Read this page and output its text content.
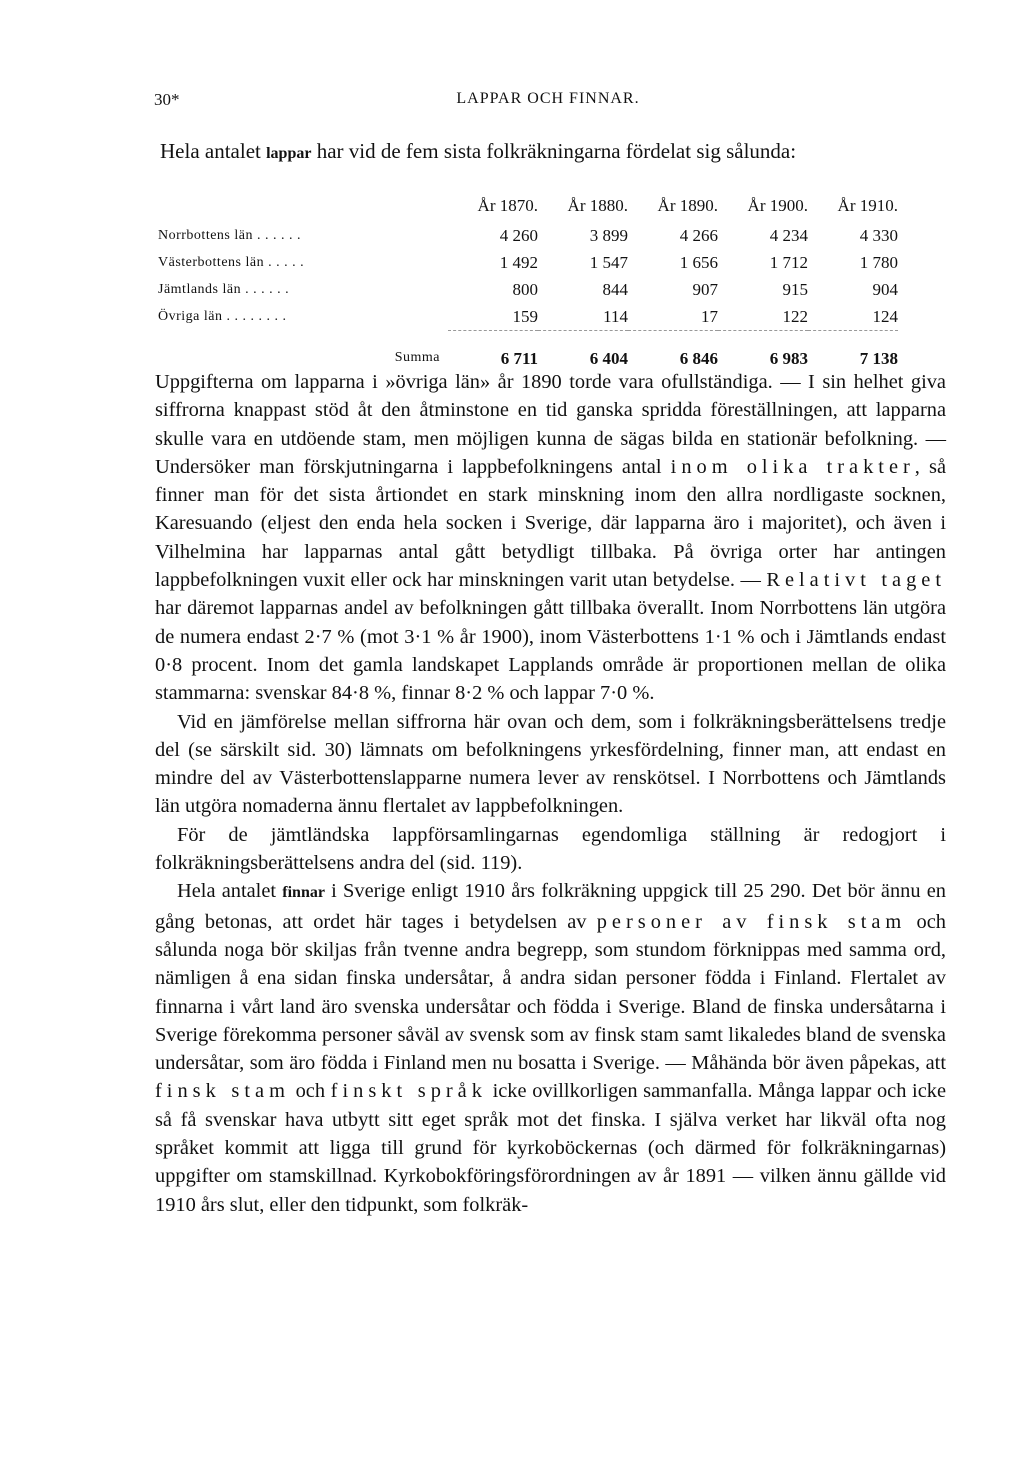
30*	LAPPAR OCH FINNAR.

Hela antalet lappar har vid de fem sista folkräkningarna fördelat sig sålunda:

	År 1870.	År 1880.	År 1890.	År 1900.	År 1910.
Norrbottens län . . . . . .	4 260	3 899	4 266	4 234	4 330
Västerbottens län . . . . .	1 492	1 547	1 656	1 712	1 780
Jämtlands län . . . . . .	800	844	907	915	904
Övriga län . . . . . . . .	159	114	17	122	124
Summa	6 711	6 404	6 846	6 983	7 138

Uppgifterna om lapparna i »övriga län» år 1890 torde vara ofullständiga. — I sin helhet giva siffrorna knappast stöd åt den åtminstone en tid ganska spridda föreställningen, att lapparna skulle vara en utdöende stam, men möjligen kunna de sägas bilda en stationär befolkning. — Undersöker man förskjutningarna i lappbefolkningens antal inom olika trakter, så finner man för det sista årtiondet en stark minskning inom den allra nordligaste socknen, Karesuando (eljest den enda hela socken i Sverige, där lapparna äro i majoritet), och även i Vilhelmina har lapparnas antal gått betydligt tillbaka. På övriga orter har antingen lappbefolkningen vuxit eller ock har minskningen varit utan betydelse. — Relativt taget har däremot lapparnas andel av befolkningen gått tillbaka överallt. Inom Norrbottens län utgöra de numera endast 2·7 % (mot 3·1 % år 1900), inom Västerbottens 1·1 % och i Jämtlands endast 0·8 procent. Inom det gamla landskapet Lapplands område är proportionen mellan de olika stammarna: svenskar 84·8 %, finnar 8·2 % och lappar 7·0 %.

Vid en jämförelse mellan siffrorna här ovan och dem, som i folkräkningsberättelsens tredje del (se särskilt sid. 30) lämnats om befolkningens yrkesfördelning, finner man, att endast en mindre del av Västerbottenslapparne numera lever av renskötsel. I Norrbottens och Jämtlands län utgöra nomaderna ännu flertalet av lappbefolkningen.

För de jämtländska lappförsamlingarnas egendomliga ställning är redogjort i folkräkningsberättelsens andra del (sid. 119).

Hela antalet finnar i Sverige enligt 1910 års folkräkning uppgick till 25 290. Det bör ännu en gång betonas, att ordet här tages i betydelsen av personer av finsk stam och sålunda noga bör skiljas från tvenne andra begrepp, som stundom förknippas med samma ord, nämligen å ena sidan finska undersåtar, å andra sidan personer födda i Finland. Flertalet av finnarna i vårt land äro svenska undersåtar och födda i Sverige. Bland de finska undersåtarna i Sverige förekomma personer såväl av svensk som av finsk stam samt likaledes bland de svenska undersåtar, som äro födda i Finland men nu bosatta i Sverige. — Måhända bör även påpekas, att finsk stam och finskt språk icke ovillkorligen sammanfalla. Många lappar och icke så få svenskar hava utbytt sitt eget språk mot det finska. I själva verket har likväl ofta nog språket kommit att ligga till grund för kyrkoböckernas (och därmed för folkräkningarnas) uppgifter om stamskillnad. Kyrkobokföringsförordningen av år 1891 — vilken ännu gällde vid 1910 års slut, eller den tidpunkt, som folkräk-
